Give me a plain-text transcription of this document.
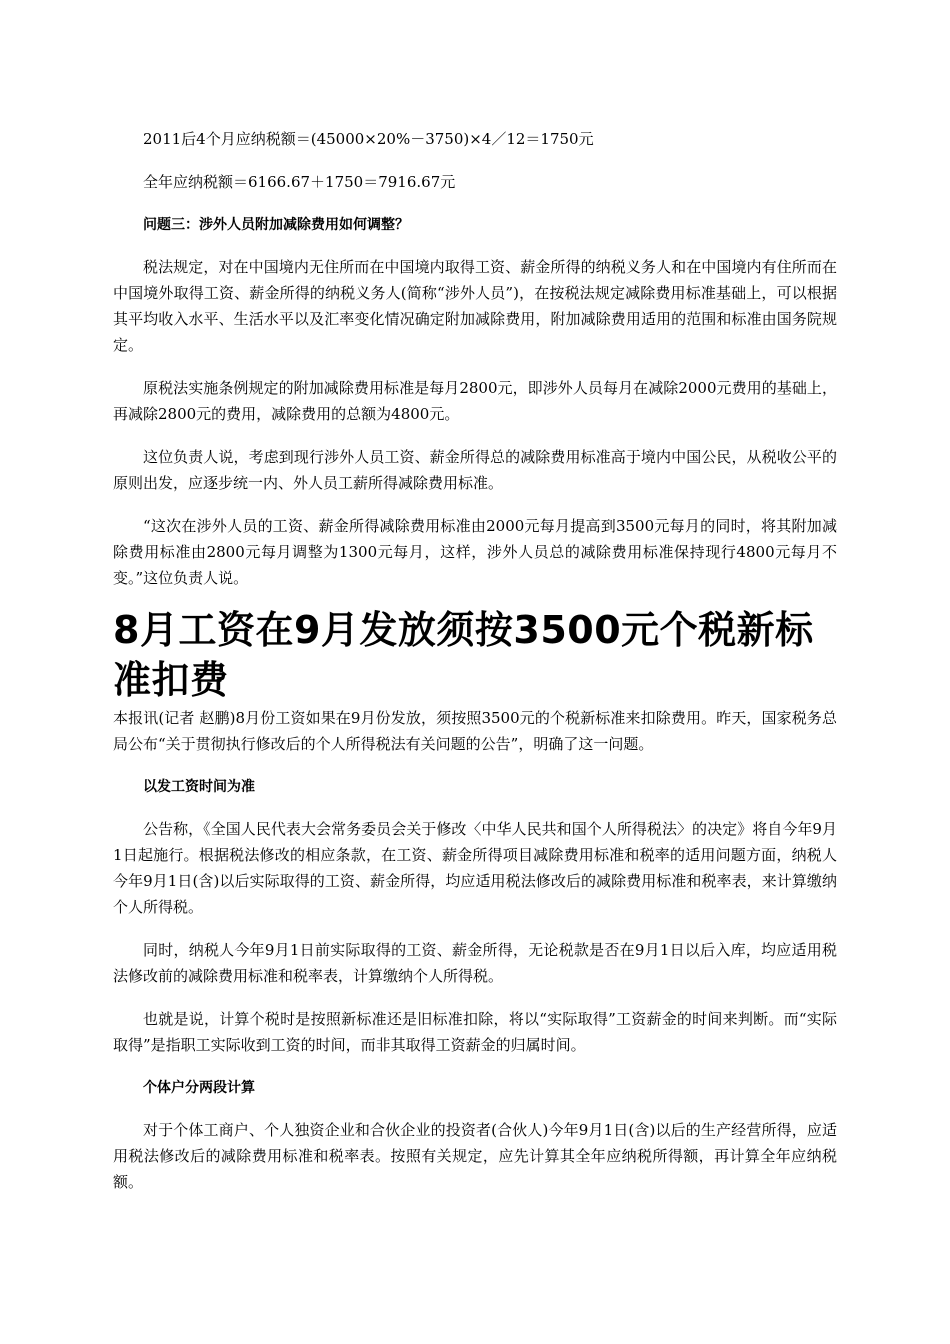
2011后4个月应纳税额＝(45000×20%－3750)×4／12＝1750元

全年应纳税额＝6166.67＋1750＝7916.67元

问题三：涉外人员附加减除费用如何调整？

税法规定，对在中国境内无住所而在中国境内取得工资、薪金所得的纳税义务人和在中国境内有住所而在中国境外取得工资、薪金所得的纳税义务人(简称“涉外人员”)，在按税法规定减除费用标准基础上，可以根据其平均收入水平、生活水平以及汇率变化情况确定附加减除费用，附加减除费用适用的范围和标准由国务院规定。

原税法实施条例规定的附加减除费用标准是每月2800元，即涉外人员每月在减除2000元费用的基础上，再减除2800元的费用，减除费用的总额为4800元。

这位负责人说，考虑到现行涉外人员工资、薪金所得总的减除费用标准高于境内中国公民，从税收公平的原则出发，应逐步统一内、外人员工薪所得减除费用标准。

“这次在涉外人员的工资、薪金所得减除费用标准由2000元每月提高到3500元每月的同时，将其附加减除费用标准由2800元每月调整为1300元每月，这样，涉外人员总的减除费用标准保持现行4800元每月不变。”这位负责人说。

8月工资在9月发放须按3500元个税新标准扣费

本报讯(记者 赵鹏)8月份工资如果在9月份发放，须按照3500元的个税新标准来扣除费用。昨天，国家税务总局公布“关于贯彻执行修改后的个人所得税法有关问题的公告”，明确了这一问题。

以发工资时间为准

公告称，《全国人民代表大会常务委员会关于修改〈中华人民共和国个人所得税法〉的决定》将自今年9月1日起施行。根据税法修改的相应条款，在工资、薪金所得项目减除费用标准和税率的适用问题方面，纳税人今年9月1日(含)以后实际取得的工资、薪金所得，均应适用税法修改后的减除费用标准和税率表，来计算缴纳个人所得税。

同时，纳税人今年9月1日前实际取得的工资、薪金所得，无论税款是否在9月1日以后入库，均应适用税法修改前的减除费用标准和税率表，计算缴纳个人所得税。

也就是说，计算个税时是按照新标准还是旧标准扣除，将以“实际取得”工资薪金的时间来判断。而“实际取得”是指职工实际收到工资的时间，而非其取得工资薪金的归属时间。

个体户分两段计算

对于个体工商户、个人独资企业和合伙企业的投资者(合伙人)今年9月1日(含)以后的生产经营所得，应适用税法修改后的减除费用标准和税率表。按照有关规定，应先计算其全年应纳税所得额，再计算全年应纳税额。
